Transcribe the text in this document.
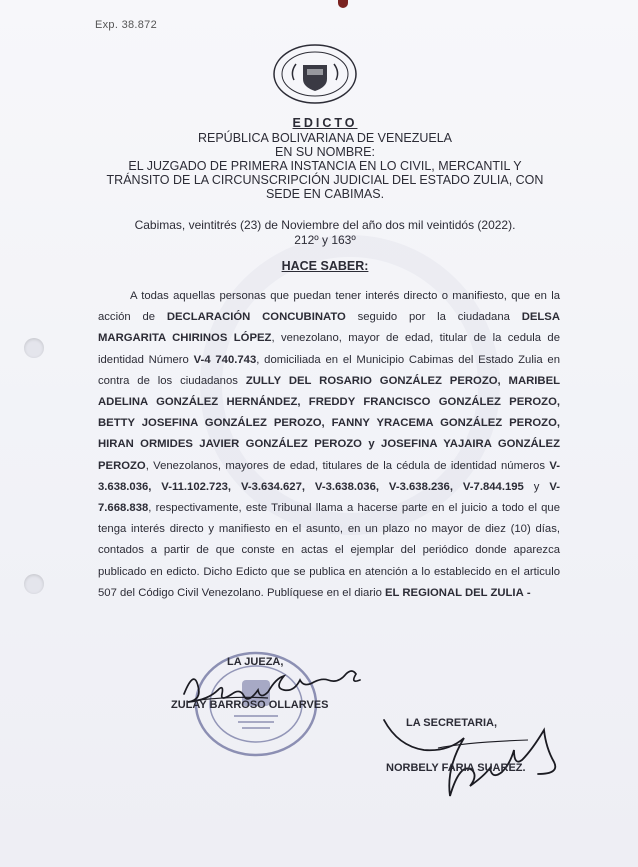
Exp. 38.872
EDICTO
REPÚBLICA BOLIVARIANA DE VENEZUELA
EN SU NOMBRE:
EL JUZGADO DE PRIMERA INSTANCIA EN LO CIVIL, MERCANTIL Y
TRÁNSITO DE LA CIRCUNSCRIPCIÓN JUDICIAL DEL ESTADO ZULIA, CON
SEDE EN CABIMAS.
Cabimas, veintitrés (23) de Noviembre del año dos mil veintidós (2022).
212º y 163º
HACE SABER:
A todas aquellas personas que puedan tener interés directo o manifiesto, que en la acción de DECLARACIÓN CONCUBINATO seguido por la ciudadana DELSA MARGARITA CHIRINOS LÓPEZ, venezolano, mayor de edad, titular de la cedula de identidad Número V-4 740.743, domiciliada en el Municipio Cabimas del Estado Zulia en contra de los ciudadanos ZULLY DEL ROSARIO GONZÁLEZ PEROZO, MARIBEL ADELINA GONZÁLEZ HERNÁNDEZ, FREDDY FRANCISCO GONZÁLEZ PEROZO, BETTY JOSEFINA GONZÁLEZ PEROZO, FANNY YRACEMA GONZÁLEZ PEROZO, HIRAN ORMIDES JAVIER GONZÁLEZ PEROZO y JOSEFINA YAJAIRA GONZÁLEZ PEROZO, Venezolanos, mayores de edad, titulares de la cédula de identidad números V-3.638.036, V-11.102.723, V-3.634.627, V-3.638.036, V-3.638.236, V-7.844.195 y V-7.668.838, respectivamente, este Tribunal llama a hacerse parte en el juicio a todo el que tenga interés directo y manifiesto en el asunto, en un plazo no mayor de diez (10) días, contados a partir de que conste en actas el ejemplar del periódico donde aparezca publicado en edicto. Dicho Edicto que se publica en atención a lo establecido en el articulo 507 del Código Civil Venezolano. Publíquese en el diario EL REGIONAL DEL ZULIA -
LA JUEZA,
ZULAY BARROSO OLLARVES
LA SECRETARIA,
NORBELY FARIA SUAREZ.
